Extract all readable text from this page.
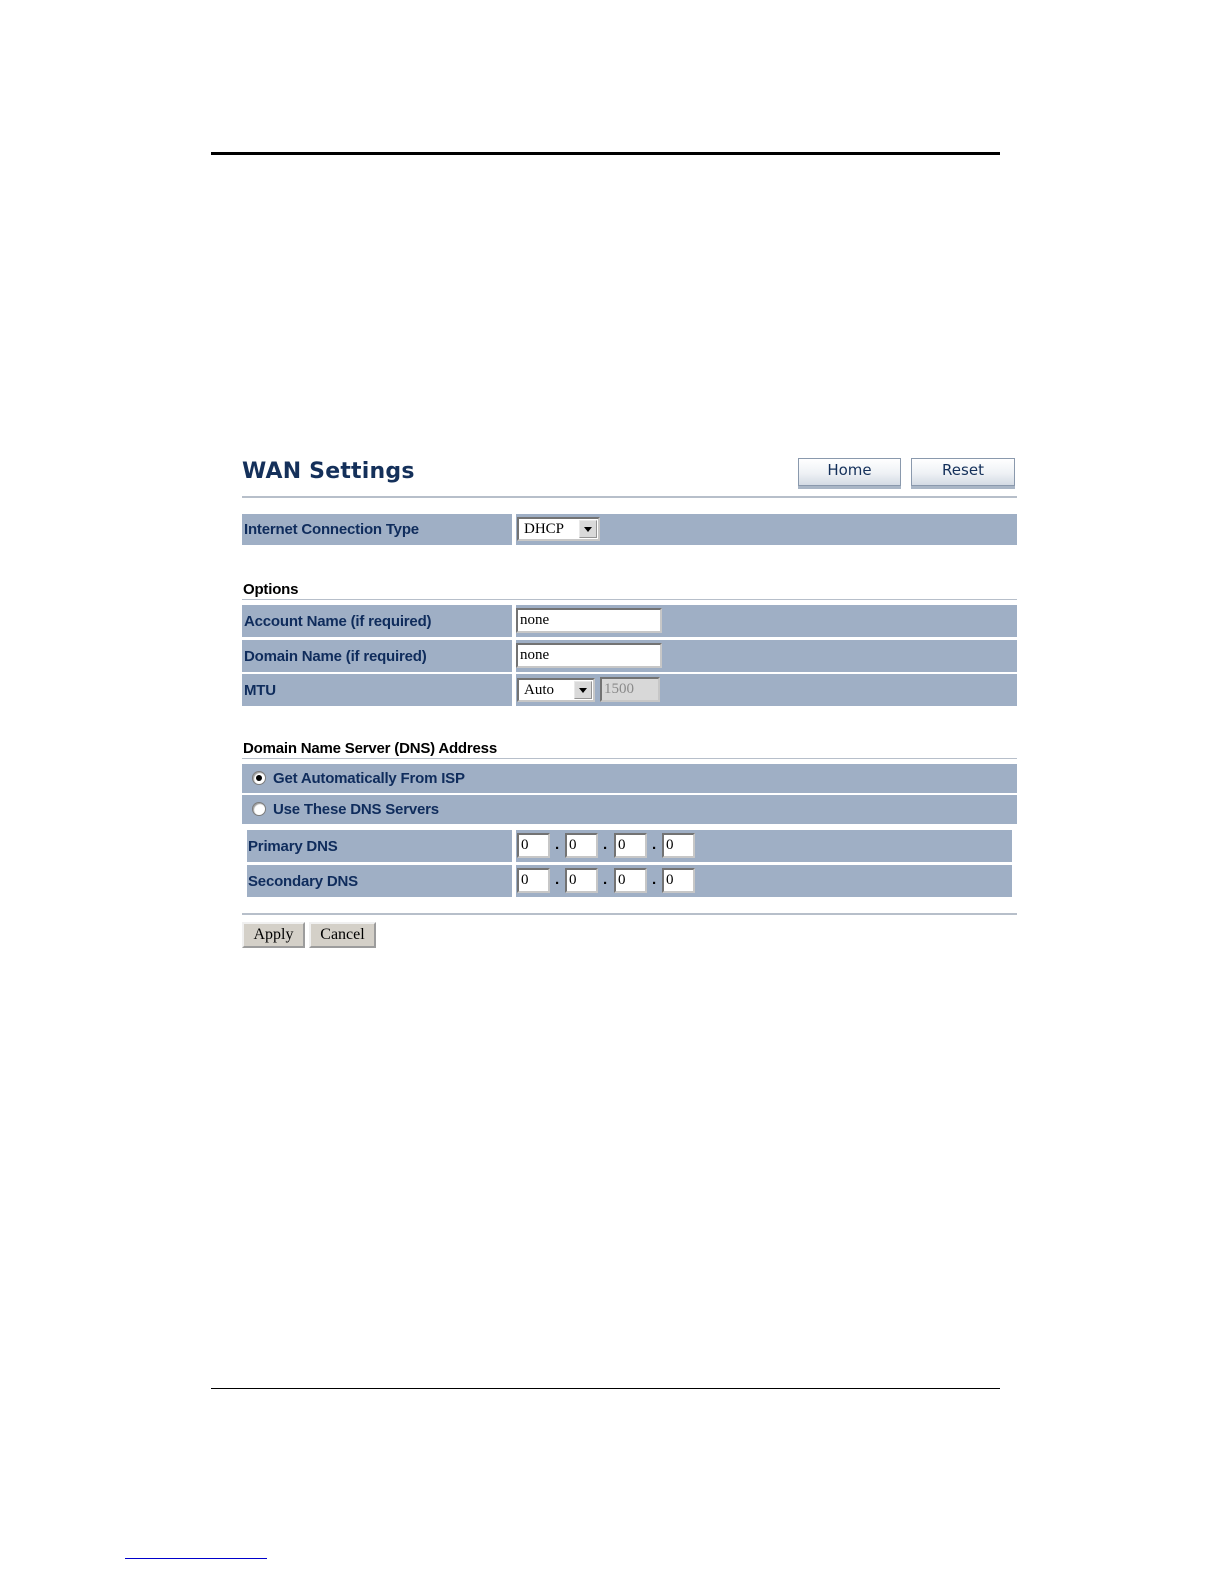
WAN Settings	Home	Reset
Internet Connection Type	DHCP
Options
Account Name (if required)	none
Domain Name (if required)	none
MTU	Auto	1500
Domain Name Server (DNS) Address
Get Automatically From ISP
Use These DNS Servers
Primary DNS	0	. 0	. 0	. 0
Secondary DNS	0	. 0	. 0	. 0
Apply	Cancel
